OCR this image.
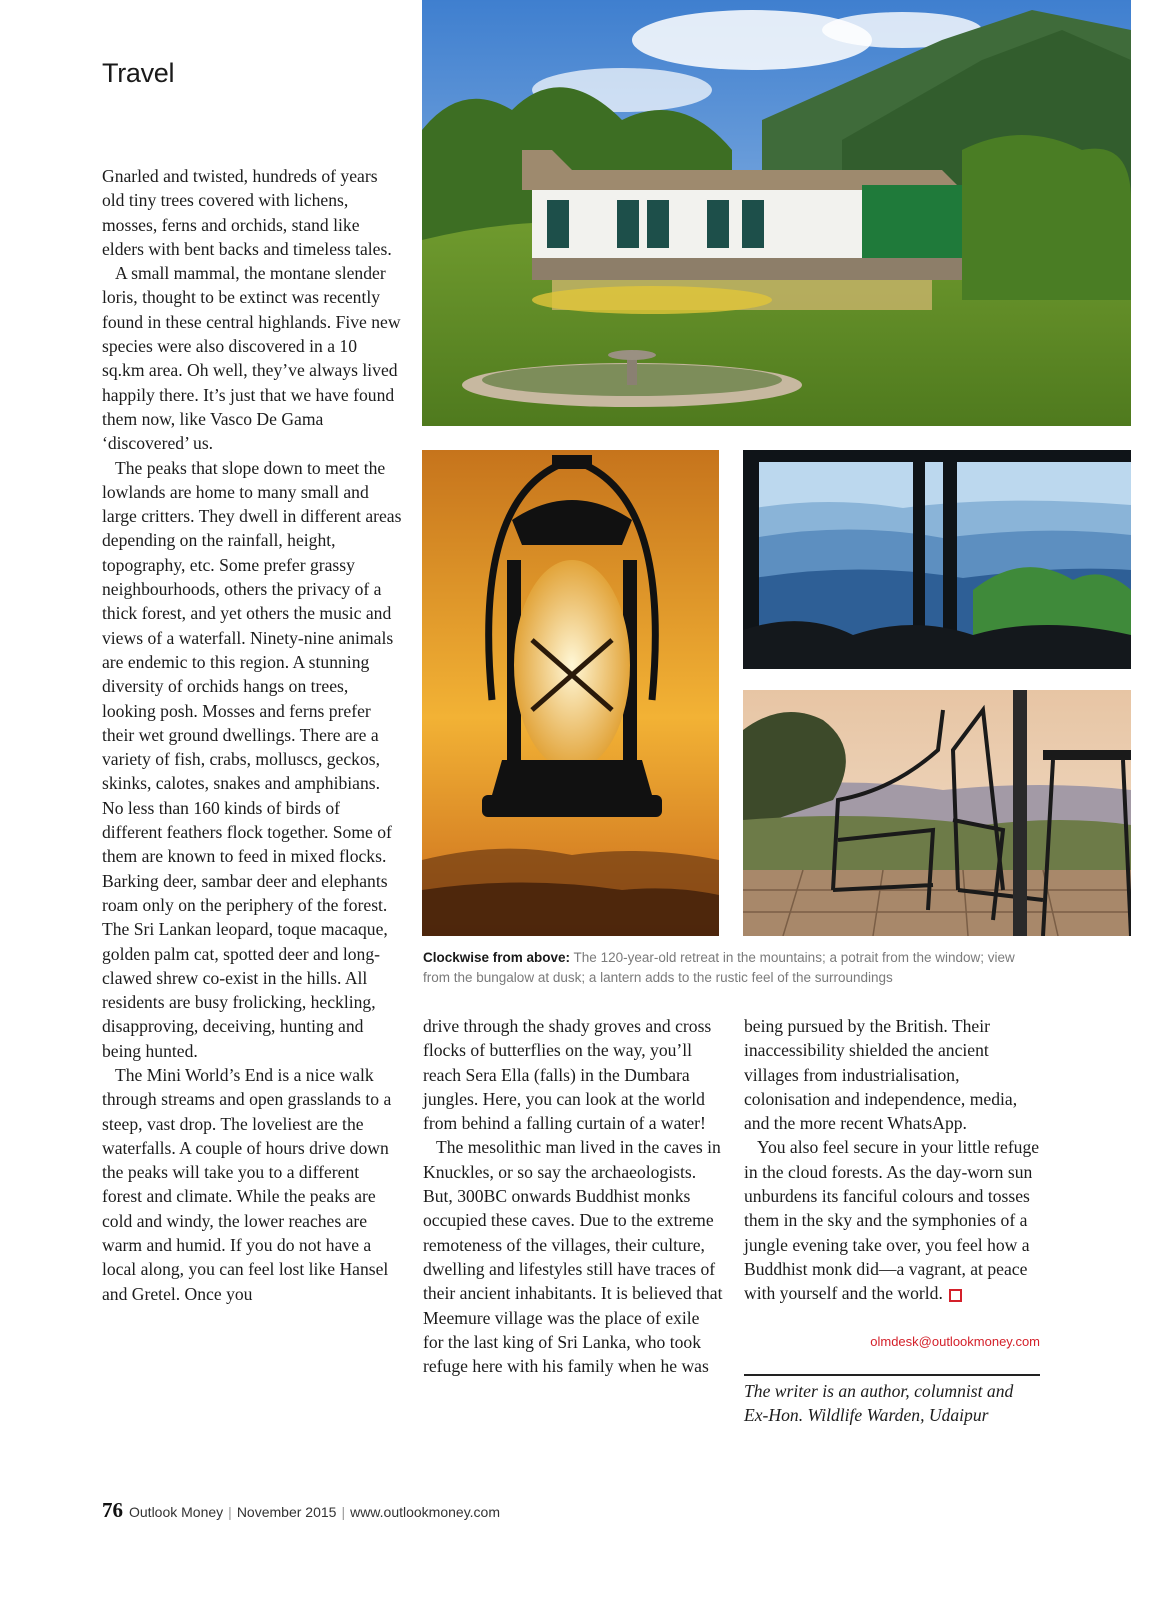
Travel

Gnarled and twisted, hundreds of years old tiny trees covered with lichens, mosses, ferns and orchids, stand like elders with bent backs and timeless tales.

A small mammal, the montane slender loris, thought to be extinct was recently found in these central highlands. Five new species were also discovered in a 10 sq.km area. Oh well, they’ve always lived happily there. It’s just that we have found them now, like Vasco De Gama ‘discovered’ us.

The peaks that slope down to meet the lowlands are home to many small and large critters. They dwell in different areas depending on the rainfall, height, topography, etc. Some prefer grassy neighbourhoods, others the privacy of a thick forest, and yet others the music and views of a waterfall. Ninety-nine animals are endemic to this region. A stunning diversity of orchids hangs on trees, looking posh. Mosses and ferns prefer their wet ground dwellings. There are a variety of fish, crabs, molluscs, geckos, skinks, calotes, snakes and amphibians. No less than 160 kinds of birds of different feathers flock together. Some of them are known to feed in mixed flocks. Barking deer, sambar deer and elephants roam only on the periphery of the forest. The Sri Lankan leopard, toque macaque, golden palm cat, spotted deer and long-clawed shrew co-exist in the hills. All residents are busy frolicking, heckling, disapproving, deceiving, hunting and being hunted.

The Mini World’s End is a nice walk through streams and open grasslands to a steep, vast drop. The loveliest are the waterfalls. A couple of hours drive down the peaks will take you to a different forest and climate. While the peaks are cold and windy, the lower reaches are warm and humid. If you do not have a local along, you can feel lost like Hansel and Gretel. Once you

Clockwise from above: The 120-year-old retreat in the mountains; a potrait from the window; view from the bungalow at dusk; a lantern adds to the rustic feel of the surroundings

drive through the shady groves and cross flocks of butterflies on the way, you’ll reach Sera Ella (falls) in the Dumbara jungles. Here, you can look at the world from behind a falling curtain of a water!

The mesolithic man lived in the caves in Knuckles, or so say the archaeologists. But, 300BC onwards Buddhist monks occupied these caves. Due to the extreme remoteness of the villages, their culture, dwelling and lifestyles still have traces of their ancient inhabitants. It is believed that Meemure village was the place of exile for the last king of Sri Lanka, who took refuge here with his family when he was

being pursued by the British. Their inaccessibility shielded the ancient villages from industrialisation, colonisation and independence, media, and the more recent WhatsApp.

You also feel secure in your little refuge in the cloud forests. As the day-worn sun unburdens its fanciful colours and tosses them in the sky and the symphonies of a jungle evening take over, you feel how a Buddhist monk did—a vagrant, at peace with yourself and the world.

olmdesk@outlookmoney.com
The writer is an author, columnist and Ex-Hon. Wildlife Warden, Udaipur
76 Outlook Money | November 2015 | www.outlookmoney.com
